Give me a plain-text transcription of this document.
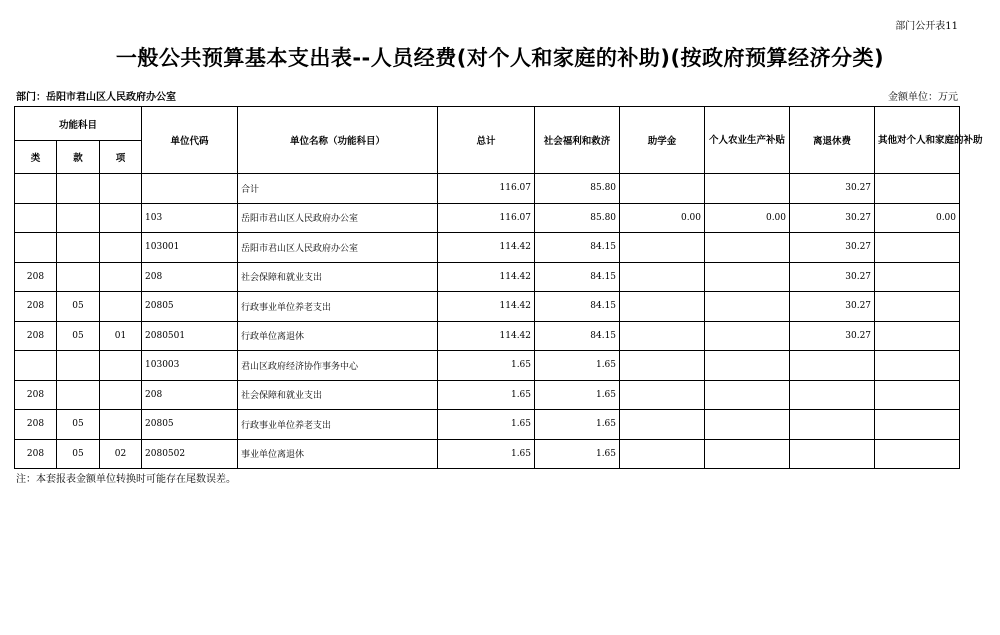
部门公开表11
一般公共预算基本支出表--人员经费(对个人和家庭的补助)(按政府预算经济分类)
部门：岳阳市君山区人民政府办公室	金额单位：万元
功能科目			单位代码	单位名称（功能科目）	总计	社会福利和救济	助学金	个人农业生产补贴	离退休费	其他对个人和家庭的补助
类	款	项								
				合计	116.07	85.80			30.27	
			103	岳阳市君山区人民政府办公室	116.07	85.80	0.00	0.00	30.27	0.00
			103001	岳阳市君山区人民政府办公室	114.42	84.15			30.27	
208			208	社会保障和就业支出	114.42	84.15			30.27	
208	05		20805	行政事业单位养老支出	114.42	84.15			30.27	
208	05	01	2080501	行政单位离退休	114.42	84.15			30.27	
			103003	君山区政府经济协作事务中心	1.65	1.65				
208			208	社会保障和就业支出	1.65	1.65				
208	05		20805	行政事业单位养老支出	1.65	1.65				
208	05	02	2080502	事业单位离退休	1.65	1.65				
注：本套报表金额单位转换时可能存在尾数误差。
